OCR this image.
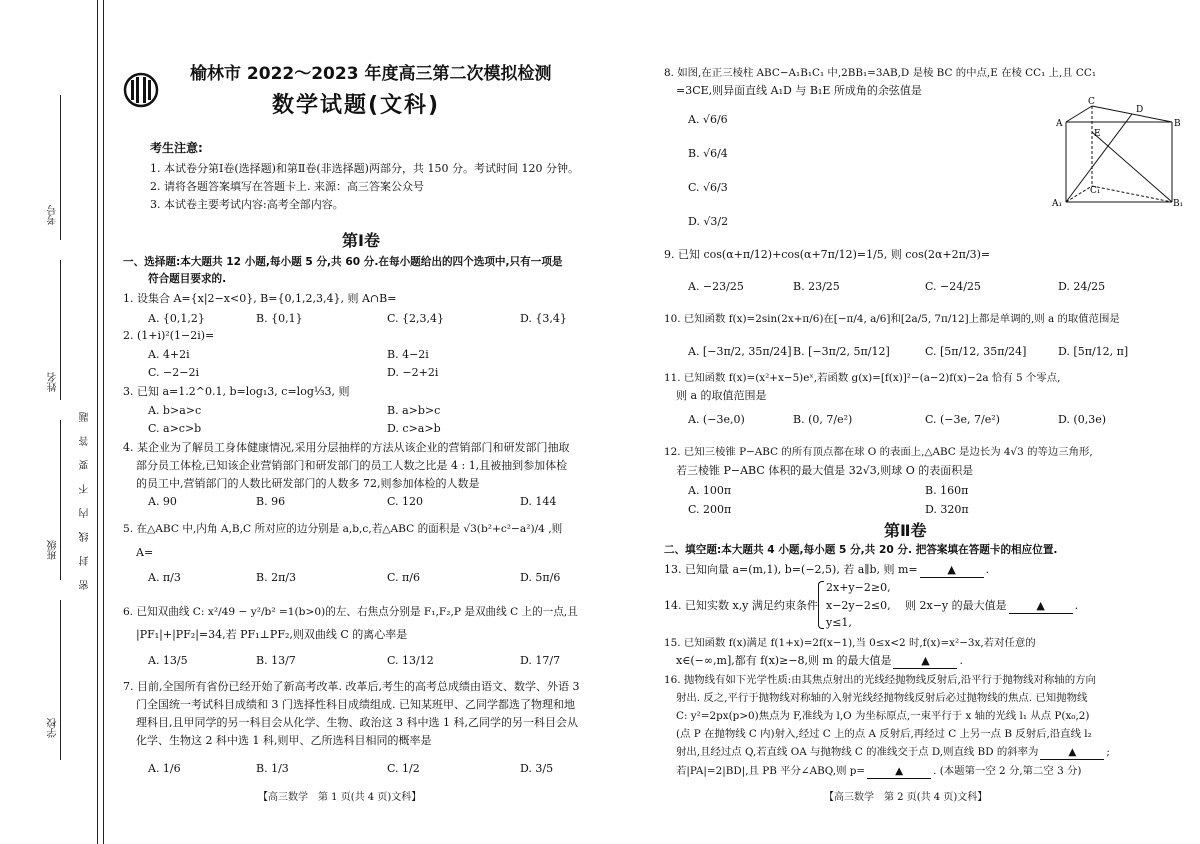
考号
姓名
班级
学校
密　封　线　内　不　要　答　题
榆林市 2022～2023 年度高三第二次模拟检测
数学试题(文科)
考生注意:
1. 本试卷分第Ⅰ卷(选择题)和第Ⅱ卷(非选择题)两部分，共 150 分。考试时间 120 分钟。
2. 请将各题答案填写在答题卡上. 来源：高三答案公众号
3. 本试卷主要考试内容:高考全部内容。
第Ⅰ卷
一、选择题:本大题共 12 小题,每小题 5 分,共 60 分.在每小题给出的四个选项中,只有一项是
符合题目要求的.
1. 设集合 A={x|2−x<0}, B={0,1,2,3,4}, 则 A∩B=
A. {0,1,2}	B. {0,1}	C. {2,3,4}	D. {3,4}
2. (1+i)²(1−2i)=
A. 4+2i	B. 4−2i
C. −2−2i	D. −2+2i
3. 已知 a=1.2^0.1, b=log₁3, c=log⅓3, 则
A. b>a>c	B. a>b>c
C. a>c>b	D. c>a>b
4. 某企业为了解员工身体健康情况,采用分层抽样的方法从该企业的营销部门和研发部门抽取
部分员工体检,已知该企业营销部门和研发部门的员工人数之比是 4 : 1,且被抽到参加体检
的员工中,营销部门的人数比研发部门的人数多 72,则参加体检的人数是
A. 90	B. 96	C. 120	D. 144
5. 在△ABC 中,内角 A,B,C 所对应的边分别是 a,b,c,若△ABC 的面积是 √3(b²+c²−a²)/4 ,则
A=
A. π/3	B. 2π/3	C. π/6	D. 5π/6
6. 已知双曲线 C: x²/49 − y²/b² =1(b>0)的左、右焦点分别是 F₁,F₂,P 是双曲线 C 上的一点,且
|PF₁|+|PF₂|=34,若 PF₁⊥PF₂,则双曲线 C 的离心率是
A. 13/5	B. 13/7	C. 13/12	D. 17/7
7. 目前,全国所有省份已经开始了新高考改革. 改革后,考生的高考总成绩由语文、数学、外语 3
门全国统一考试科目成绩和 3 门选择性科目成绩组成. 已知某班甲、乙同学都选了物理和地
理科目,且甲同学的另一科目会从化学、生物、政治这 3 科中选 1 科,乙同学的另一科目会从
化学、生物这 2 科中选 1 科,则甲、乙所选科目相同的概率是
A. 1/6	B. 1/3	C. 1/2	D. 3/5
【高三数学　第 1 页(共 4 页)文科】
8. 如图,在正三棱柱 ABC−A₁B₁C₁ 中,2BB₁=3AB,D 是棱 BC 的中点,E 在棱 CC₁ 上,且 CC₁
=3CE,则异面直线 A₁D 与 B₁E 所成角的余弦值是
A. √6/6
B. √6/4
C. √6/3
D. √3/2
A
C
D
B
E
C₁
A₁	B₁
9. 已知 cos(α+π/12)+cos(α+7π/12)=1/5, 则 cos(2α+2π/3)=
A. −23/25	B. 23/25	C. −24/25	D. 24/25
10. 已知函数 f(x)=2sin(2x+π/6)在[−π/4, a/6]和[2a/5, 7π/12]上都是单调的,则 a 的取值范围是
A. [−3π/2, 35π/24] B. [−3π/2, 5π/12]	C. [5π/12, 35π/24]	D. [5π/12, π]
11. 已知函数 f(x)=(x²+x−5)eˣ,若函数 g(x)=[f(x)]²−(a−2)f(x)−2a 恰有 5 个零点,
则 a 的取值范围是
A. (−3e,0)	B. (0, 7/e²)	C. (−3e, 7/e²)	D. (0,3e)
12. 已知三棱锥 P−ABC 的所有顶点都在球 O 的表面上,△ABC 是边长为 4√3 的等边三角形,
若三棱锥 P−ABC 体积的最大值是 32√3,则球 O 的表面积是
A. 100π	B. 160π
C. 200π	D. 320π
第Ⅱ卷
二、填空题:本大题共 4 小题,每小题 5 分,共 20 分. 把答案填在答题卡的相应位置.
13. 已知向量 a=(m,1), b=(−2,5), 若 a∥b, 则 m=	▲	.
14. 已知实数 x,y 满足约束条件
2x+y−2≥0,
x−2y−2≤0,
y≤1,
则 2x−y 的最大值是	▲	.
15. 已知函数 f(x)满足 f(1+x)=2f(x−1),当 0≤x<2 时,f(x)=x²−3x,若对任意的
x∈(−∞,m],都有 f(x)≥−8,则 m 的最大值是	▲	.
16. 抛物线有如下光学性质:由其焦点射出的光线经抛物线反射后,沿平行于抛物线对称轴的方向
射出. 反之,平行于抛物线对称轴的入射光线经抛物线反射后必过抛物线的焦点. 已知抛物线
C: y²=2px(p>0)焦点为 F,准线为 l,O 为坐标原点,一束平行于 x 轴的光线 l₁ 从点 P(x₀,2)
(点 P 在抛物线 C 内)射入,经过 C 上的点 A 反射后,再经过 C 上另一点 B 反射后,沿直线 l₂
射出,且经过点 Q,若直线 OA 与抛物线 C 的准线交于点 D,则直线 BD 的斜率为	▲	;
若|PA|=2|BD|,且 PB 平分∠ABQ,则 p=	▲	. (本题第一空 2 分,第二空 3 分)
【高三数学　第 2 页(共 4 页)文科】
